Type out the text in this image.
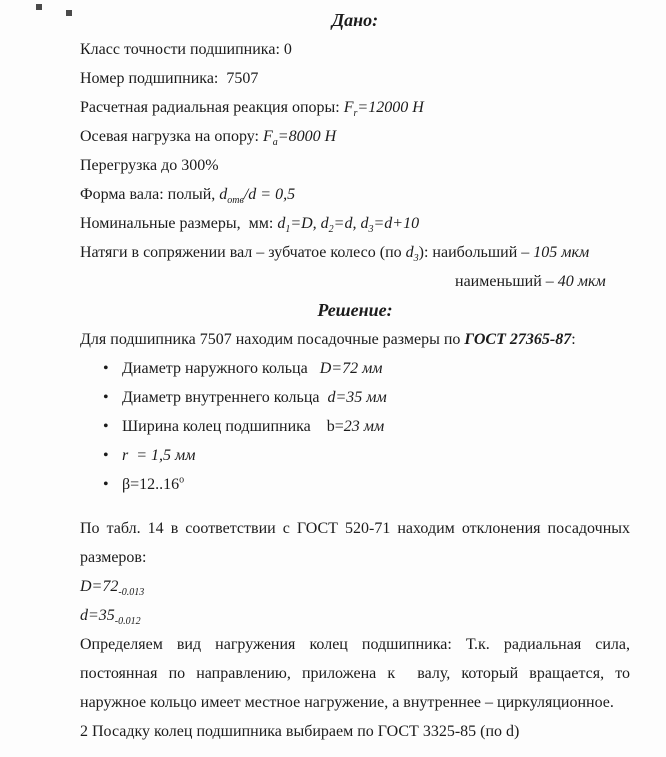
Дано:
Класс точности подшипника: 0
Номер подшипника:  7507
Расчетная радиальная реакция опоры: $F_r=12000$ Н
Осевая нагрузка на опору: $F_a=8000$ Н
Перегрузка до 300%
Форма вала: полый, $d_{отв}/d = 0,5$
Номинальные размеры,  мм: $d_1=D$, $d_2=d$, $d_3=d+10$
Натяги в сопряжении вал – зубчатое колесо (по $d_3$): наибольший – 105 мкм
наименьший – 40 мкм
Решение:
Для подшипника 7507 находим посадочные размеры по ГОСТ 27365-87:
• Диаметр наружного кольца   D=72 мм
• Диаметр внутреннего кольца  d=35 мм
• Ширина колец подшипника    b=23 мм
• r  = 1,5 мм
• $\beta=12..16^о$
По табл. 14 в соответствии с ГОСТ 520-71 находим отклонения посадочных размеров:
$D=72_{-0.013}$
$d=35_{-0.012}$
Определяем вид нагружения колец подшипника: Т.к. радиальная сила, постоянная по направлению, приложена к  валу, который вращается, то наружное кольцо имеет местное нагружение, а внутреннее – циркуляционное.
2 Посадку колец подшипника выбираем по ГОСТ 3325-85 (по d)
